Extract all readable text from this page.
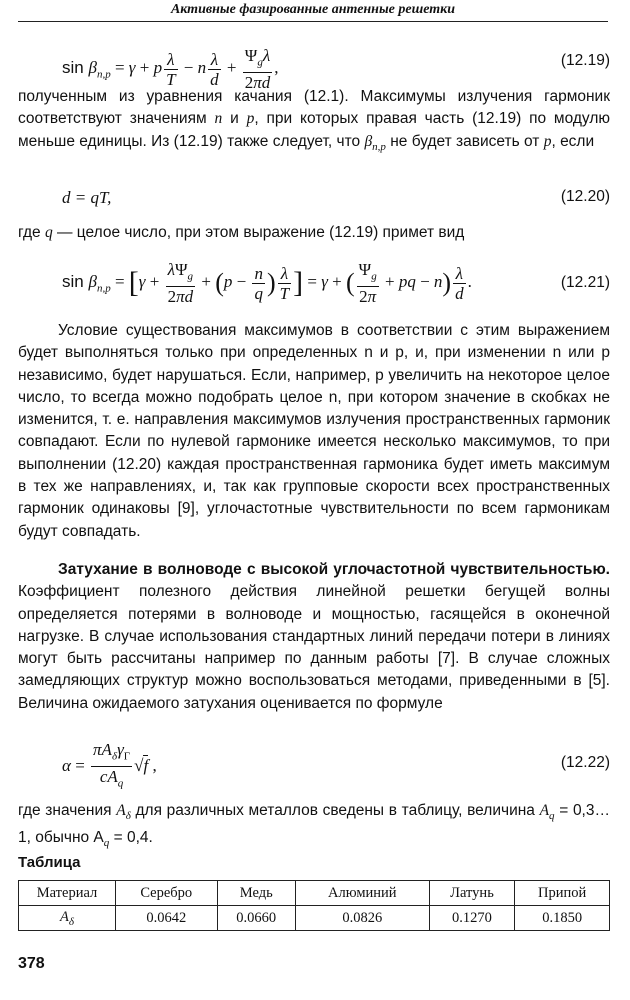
Активные фазированные антенные решетки
$\sin \beta_{n,p} = \gamma + p \frac{\lambda}{T} - n \frac{\lambda}{d} + \frac{\Psi_g\lambda}{2\pi d}$ ,	(12.19)

полученным из уравнения качания (12.1). Максимумы излучения гармоник соответствуют значениям n и p, при которых правая часть (12.19) по модулю меньше единицы. Из (12.19) также следует, что $\beta_{n,p}$ не будет зависеть от p, если

d = qT,	(12.20)

где q — целое число, при этом выражение (12.19) примет вид

$\sin \beta_{n,p} = [\gamma + \frac{\lambda\Psi_g}{2\pi d} + (p - \frac{n}{q}$ ) $\frac{\lambda}{T}$ ] = γ + ( $\frac{\Psi_g}{2\pi}$ + pq − $n) \frac{\lambda}{d}$ .	(12.21)

Условие существования максимумов в соответствии с этим выражением будет выполняться только при определенных n и p, и, при изменении n или p независимо, будет нарушаться. Если, например, p увеличить на некоторое целое число, то всегда можно подобрать целое n, при котором значение в скобках не изменится, т. е. направления максимумов излучения пространственных гармоник совпадают. Если по нулевой гармонике имеется несколько максимумов, то при выполнении (12.20) каждая пространственная гармоника будет иметь максимум в тех же направлениях, и, так как групповые скорости всех пространственных гармоник одинаковы [9], углочастотные чувствительности по всем гармоникам будут совпадать.

Затухание в волноводе с высокой углочастотной чувствительностью. Коэффициент полезного действия линейной решетки бегущей волны определяется потерями в волноводе и мощностью, гасящейся в оконечной нагрузке. В случае использования стандартных линий передачи потери в линиях могут быть рассчитаны например по данным работы [7]. В случае сложных замедляющих структур можно воспользоваться методами, приведенными в [5]. Величина ожидаемого затухания оценивается по формуле

$\alpha = \frac{\pi A_\delta\gamma_\Gamma}{cA_q} √f$ ,	(12.22)

где значения $A_\delta$ для различных металлов сведены в таблицу, величина $A_q$ = 0,3…1, обычно $A_q = 0,4$.

Таблица
Материал	Серебро	Медь	Алюминий	Латунь	Припой
$A_\delta$	0.0642	0.0660	0.0826	0.1270	0.1850
378
